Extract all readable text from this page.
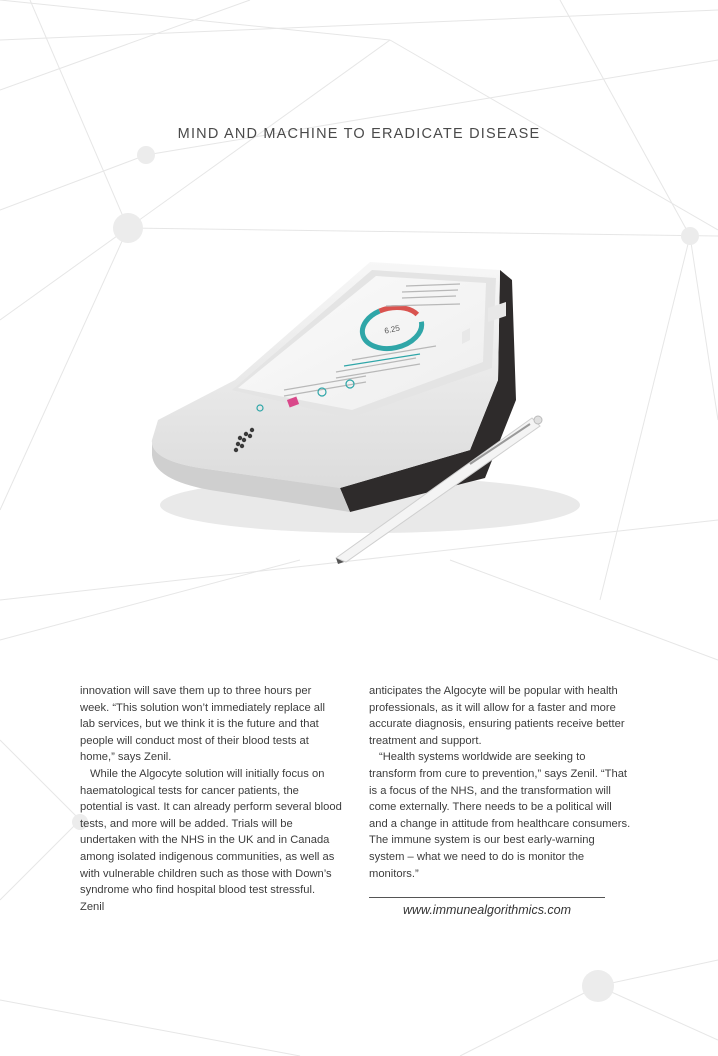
MIND AND MACHINE TO ERADICATE DISEASE
6.25

innovation will save them up to three hours per week. “This solution won’t immediately replace all lab services, but we think it is the future and that people will conduct most of their blood tests at home,” says Zenil.

While the Algocyte solution will initially focus on haematological tests for cancer patients, the potential is vast. It can already perform several blood tests, and more will be added. Trials will be undertaken with the NHS in the UK and in Canada among isolated indigenous communities, as well as with vulnerable children such as those with Down’s syndrome who find hospital blood test stressful. Zenil

anticipates the Algocyte will be popular with health professionals, as it will allow for a faster and more accurate diagnosis, ensuring patients receive better treatment and support.

“Health systems worldwide are seeking to transform from cure to prevention,” says Zenil. “That is a focus of the NHS, and the transformation will come externally. There needs to be a political will and a change in attitude from healthcare consumers. The immune system is our best early-warning system – what we need to do is monitor the monitors.”

www.immunealgorithmics.com
